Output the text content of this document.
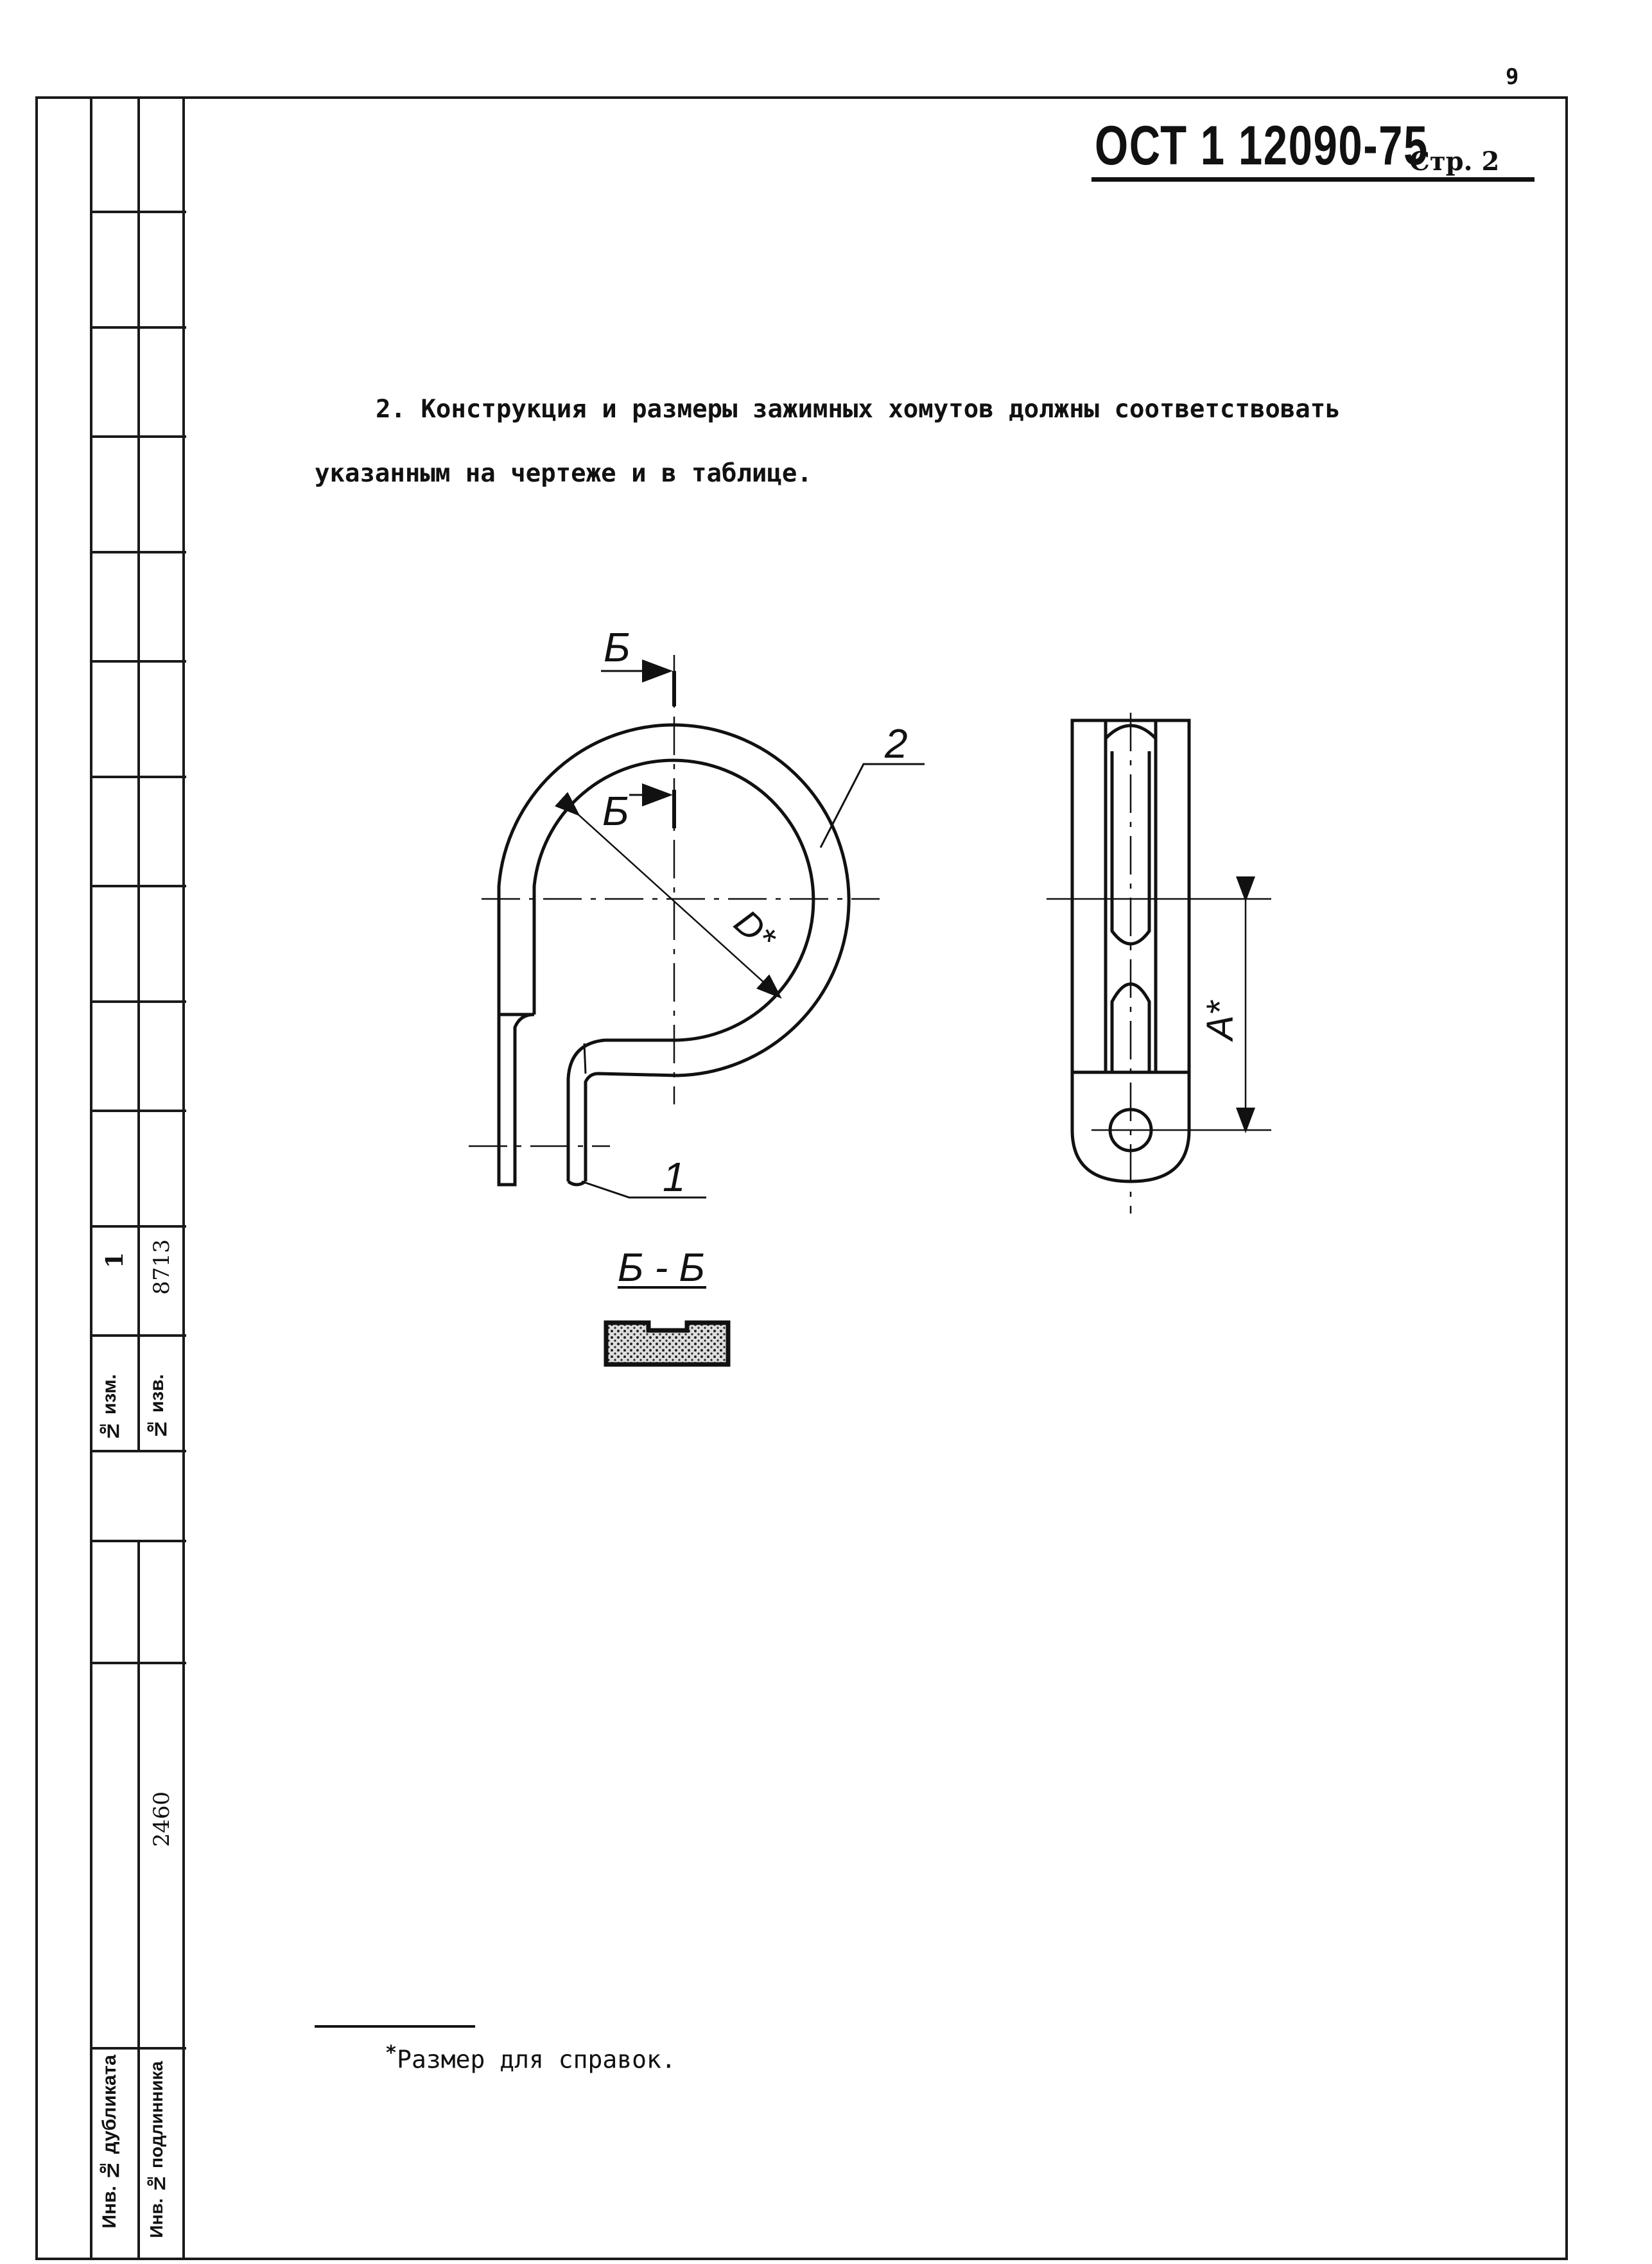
9
№ изм.
1
№ изв.
8713
Инв. № дубликата Инв. № подлинника
2460
ОСТ 1 12090-75
Стр. 2
2. Конструкция и размеры зажимных хомутов должны соответствовать
указанным на чертеже и в таблице.
Б
Б
D*
2
1
A*
Б - Б
*Размер для справок.
